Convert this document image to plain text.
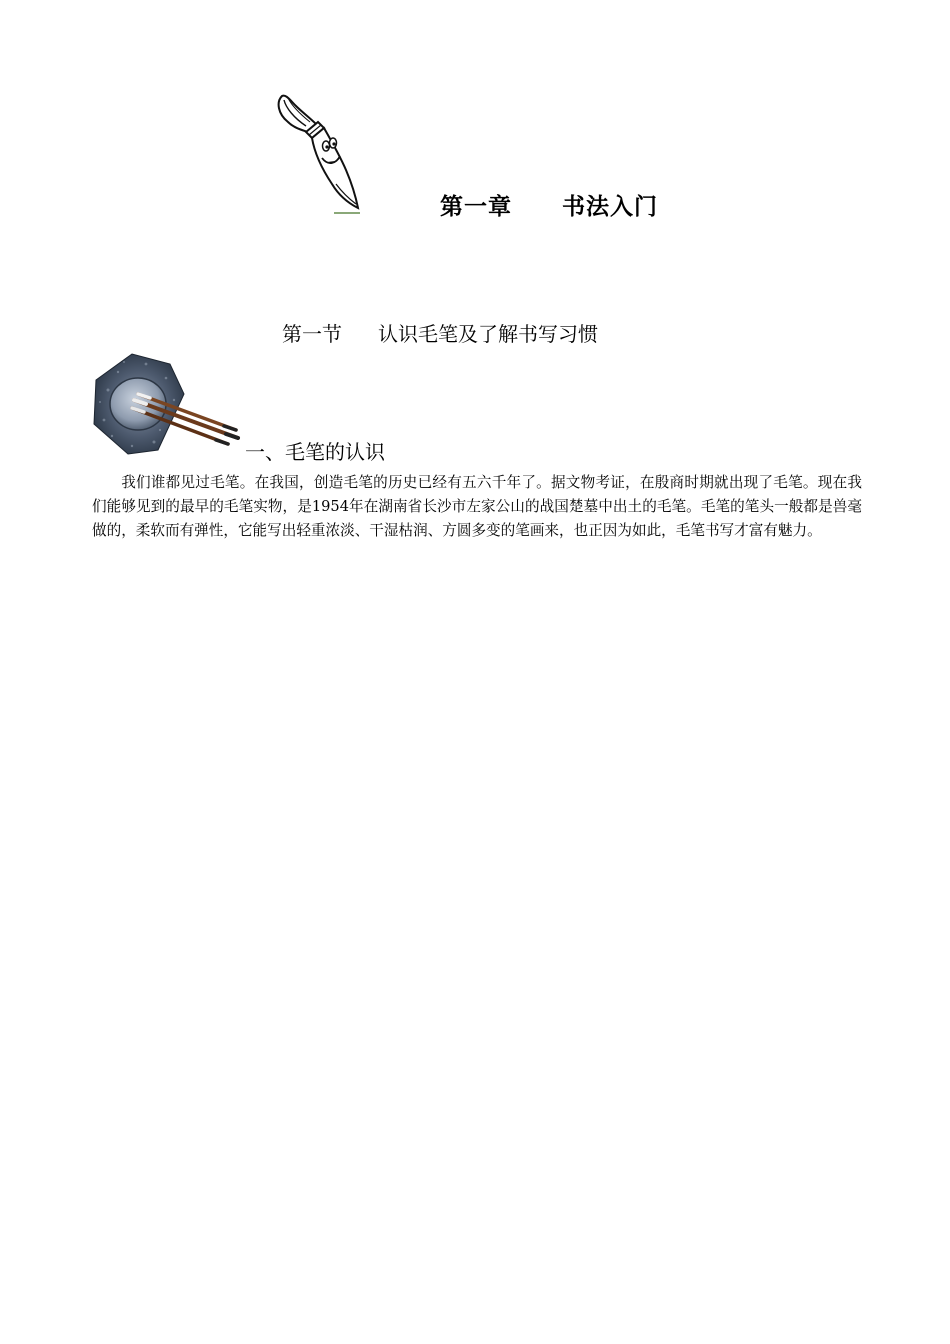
第一章 书法入门
第一节 认识毛笔及了解书写习惯
一、毛笔的认识

我们谁都见过毛笔。在我国，创造毛笔的历史已经有五六千年了。据文物考证，在殷商时期就出现了毛笔。现在我们能够见到的最早的毛笔实物，是1954年在湖南省长沙市左家公山的战国楚墓中出土的毛笔。毛笔的笔头一般都是兽毫做的，柔软而有弹性，它能写出轻重浓淡、干湿枯润、方圆多变的笔画来，也正因为如此，毛笔书写才富有魅力。
